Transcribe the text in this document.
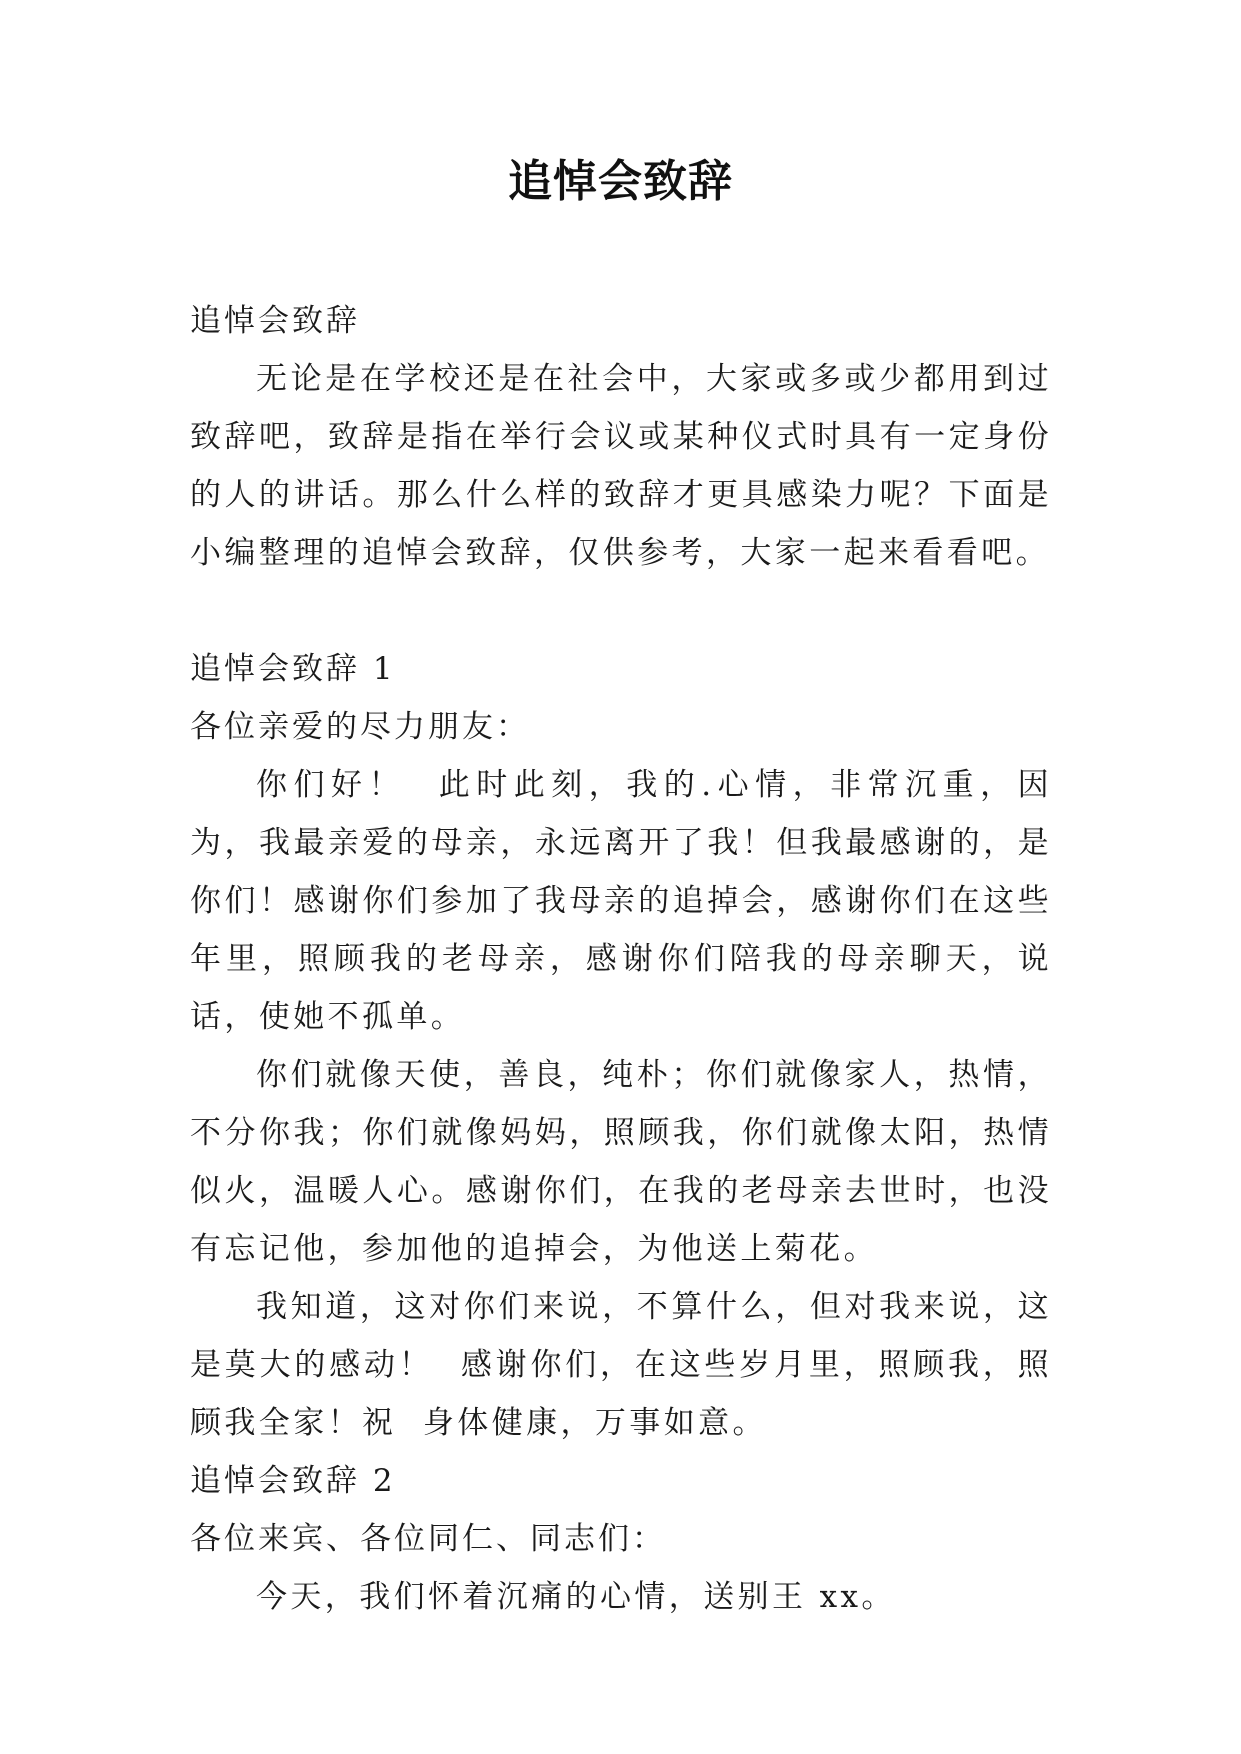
追悼会致辞

追悼会致辞

无论是在学校还是在社会中，大家或多或少都用到过致辞吧，致辞是指在举行会议或某种仪式时具有一定身份的人的讲话。那么什么样的致辞才更具感染力呢？下面是小编整理的追悼会致辞，仅供参考，大家一起来看看吧。

追悼会致辞 1

各位亲爱的尽力朋友：

你们好！  此时此刻，我的.心情，非常沉重，因为，我最亲爱的母亲，永远离开了我！但我最感谢的，是你们！感谢你们参加了我母亲的追掉会，感谢你们在这些年里，照顾我的老母亲，感谢你们陪我的母亲聊天，说话，使她不孤单。

你们就像天使，善良，纯朴；你们就像家人，热情，不分你我；你们就像妈妈，照顾我，你们就像太阳，热情似火，温暖人心。感谢你们，在我的老母亲去世时，也没有忘记他，参加他的追掉会，为他送上菊花。

我知道，这对你们来说，不算什么，但对我来说，这是莫大的感动！  感谢你们，在这些岁月里，照顾我，照顾我全家！祝  身体健康，万事如意。

追悼会致辞 2

各位来宾、各位同仁、同志们：

今天，我们怀着沉痛的心情，送别王 xx。
